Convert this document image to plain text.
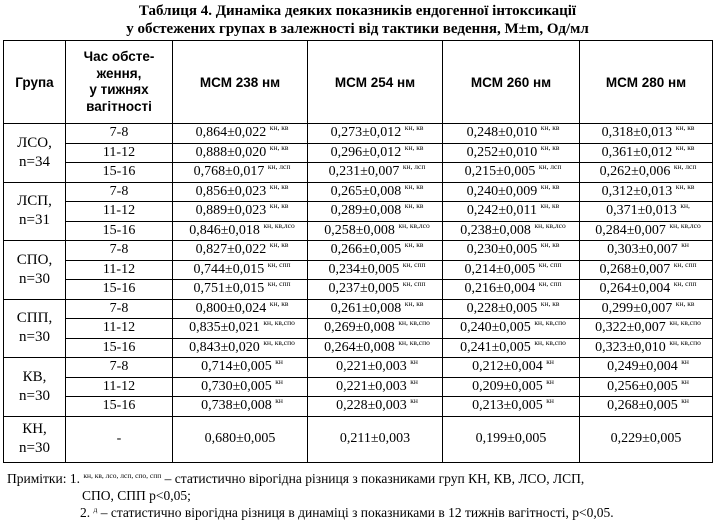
Таблиця 4. Динаміка деяких показників ендогенної інтоксикації
у обстежених групах в залежності від тактики ведення, M±m, Од/мл
Група	Час обсте-
ження,
у тижнях
вагітності	МСМ 238 нм	МСМ 254 нм	МСМ 260 нм	МСМ 280 нм

ЛСО,
n=34	7-8	0,864±0,022 $^{кн, кв}$	0,273±0,012 $^{кн, кв}$	0,248±0,010 $^{кн, кв}$	0,318±0,013 $^{кн, кв}$
	11-12	0,888±0,020 $^{кн, кв}$	0,296±0,012 $^{кн, кв}$	0,252±0,010 $^{кн, кв}$	0,361±0,012 $^{кн, кв}$
	15-16	0,768±0,017 $^{кн, лсп}$	0,231±0,007 $^{кн, лсп}$	0,215±0,005 $^{кн, лсп}$	0,262±0,006 $^{кн, лсп}$

ЛСП,
n=31	7-8	0,856±0,023 $^{кн, кв}$	0,265±0,008 $^{кн, кв}$	0,240±0,009 $^{кн, кв}$	0,312±0,013 $^{кн, кв}$
	11-12	0,889±0,023 $^{кн, кв}$	0,289±0,008 $^{кн, кв}$	0,242±0,011 $^{кн, кв}$	0,371±0,013 $^{кн,}$
	15-16	0,846±0,018 $^{кн, кв,лсо}$	0,258±0,008 $^{кн, кв,лсо}$	0,238±0,008 $^{кн, кв,лсо}$	0,284±0,007 $^{кн, кв,лсо}$

СПО,
n=30	7-8	0,827±0,022 $^{кн, кв}$	0,266±0,005 $^{кн, кв}$	0,230±0,005 $^{кн, кв}$	0,303±0,007 $^{кн}$
	11-12	0,744±0,015 $^{кн, спп}$	0,234±0,005 $^{кн, спп}$	0,214±0,005 $^{кн, спп}$	0,268±0,007 $^{кн, спп}$
	15-16	0,751±0,015 $^{кн, спп}$	0,237±0,005 $^{кн, спп}$	0,216±0,004 $^{кн, спп}$	0,264±0,004 $^{кн, спп}$

СПП,
n=30	7-8	0,800±0,024 $^{кн, кв}$	0,261±0,008 $^{кн, кв}$	0,228±0,005 $^{кн, кв}$	0,299±0,007 $^{кн, кв}$
	11-12	0,835±0,021 $^{кн, кв,спо}$	0,269±0,008 $^{кн, кв,спо}$	0,240±0,005 $^{кн, кв,спо}$	0,322±0,007 $^{кн, кв,спо}$
	15-16	0,843±0,020 $^{кн, кв,спо}$	0,264±0,008 $^{кн, кв,спо}$	0,241±0,005 $^{кн, кв,спо}$	0,323±0,010 $^{кн, кв,спо}$

КВ,
n=30	7-8	0,714±0,005 $^{кн}$	0,221±0,003 $^{кн}$	0,212±0,004 $^{кн}$	0,249±0,004 $^{кн}$
	11-12	0,730±0,005 $^{кн}$	0,221±0,003 $^{кн}$	0,209±0,005 $^{кн}$	0,256±0,005 $^{кн}$
	15-16	0,738±0,008 $^{кн}$	0,228±0,003 $^{кн}$	0,213±0,005 $^{кн}$	0,268±0,005 $^{кн}$

КН,
n=30	-	0,680±0,005	0,211±0,003	0,199±0,005	0,229±0,005
Примітки: 1. $^{кн, кв, лсо, лсп, спо, спп}$ – статистично вірогідна різниця з показниками груп КН, КВ, ЛСО, ЛСП,
СПО, СПП р<0,05;
2. $^д$ – статистично вірогідна різниця в динаміці з показниками в 12 тижнів вагітності, р<0,05.
